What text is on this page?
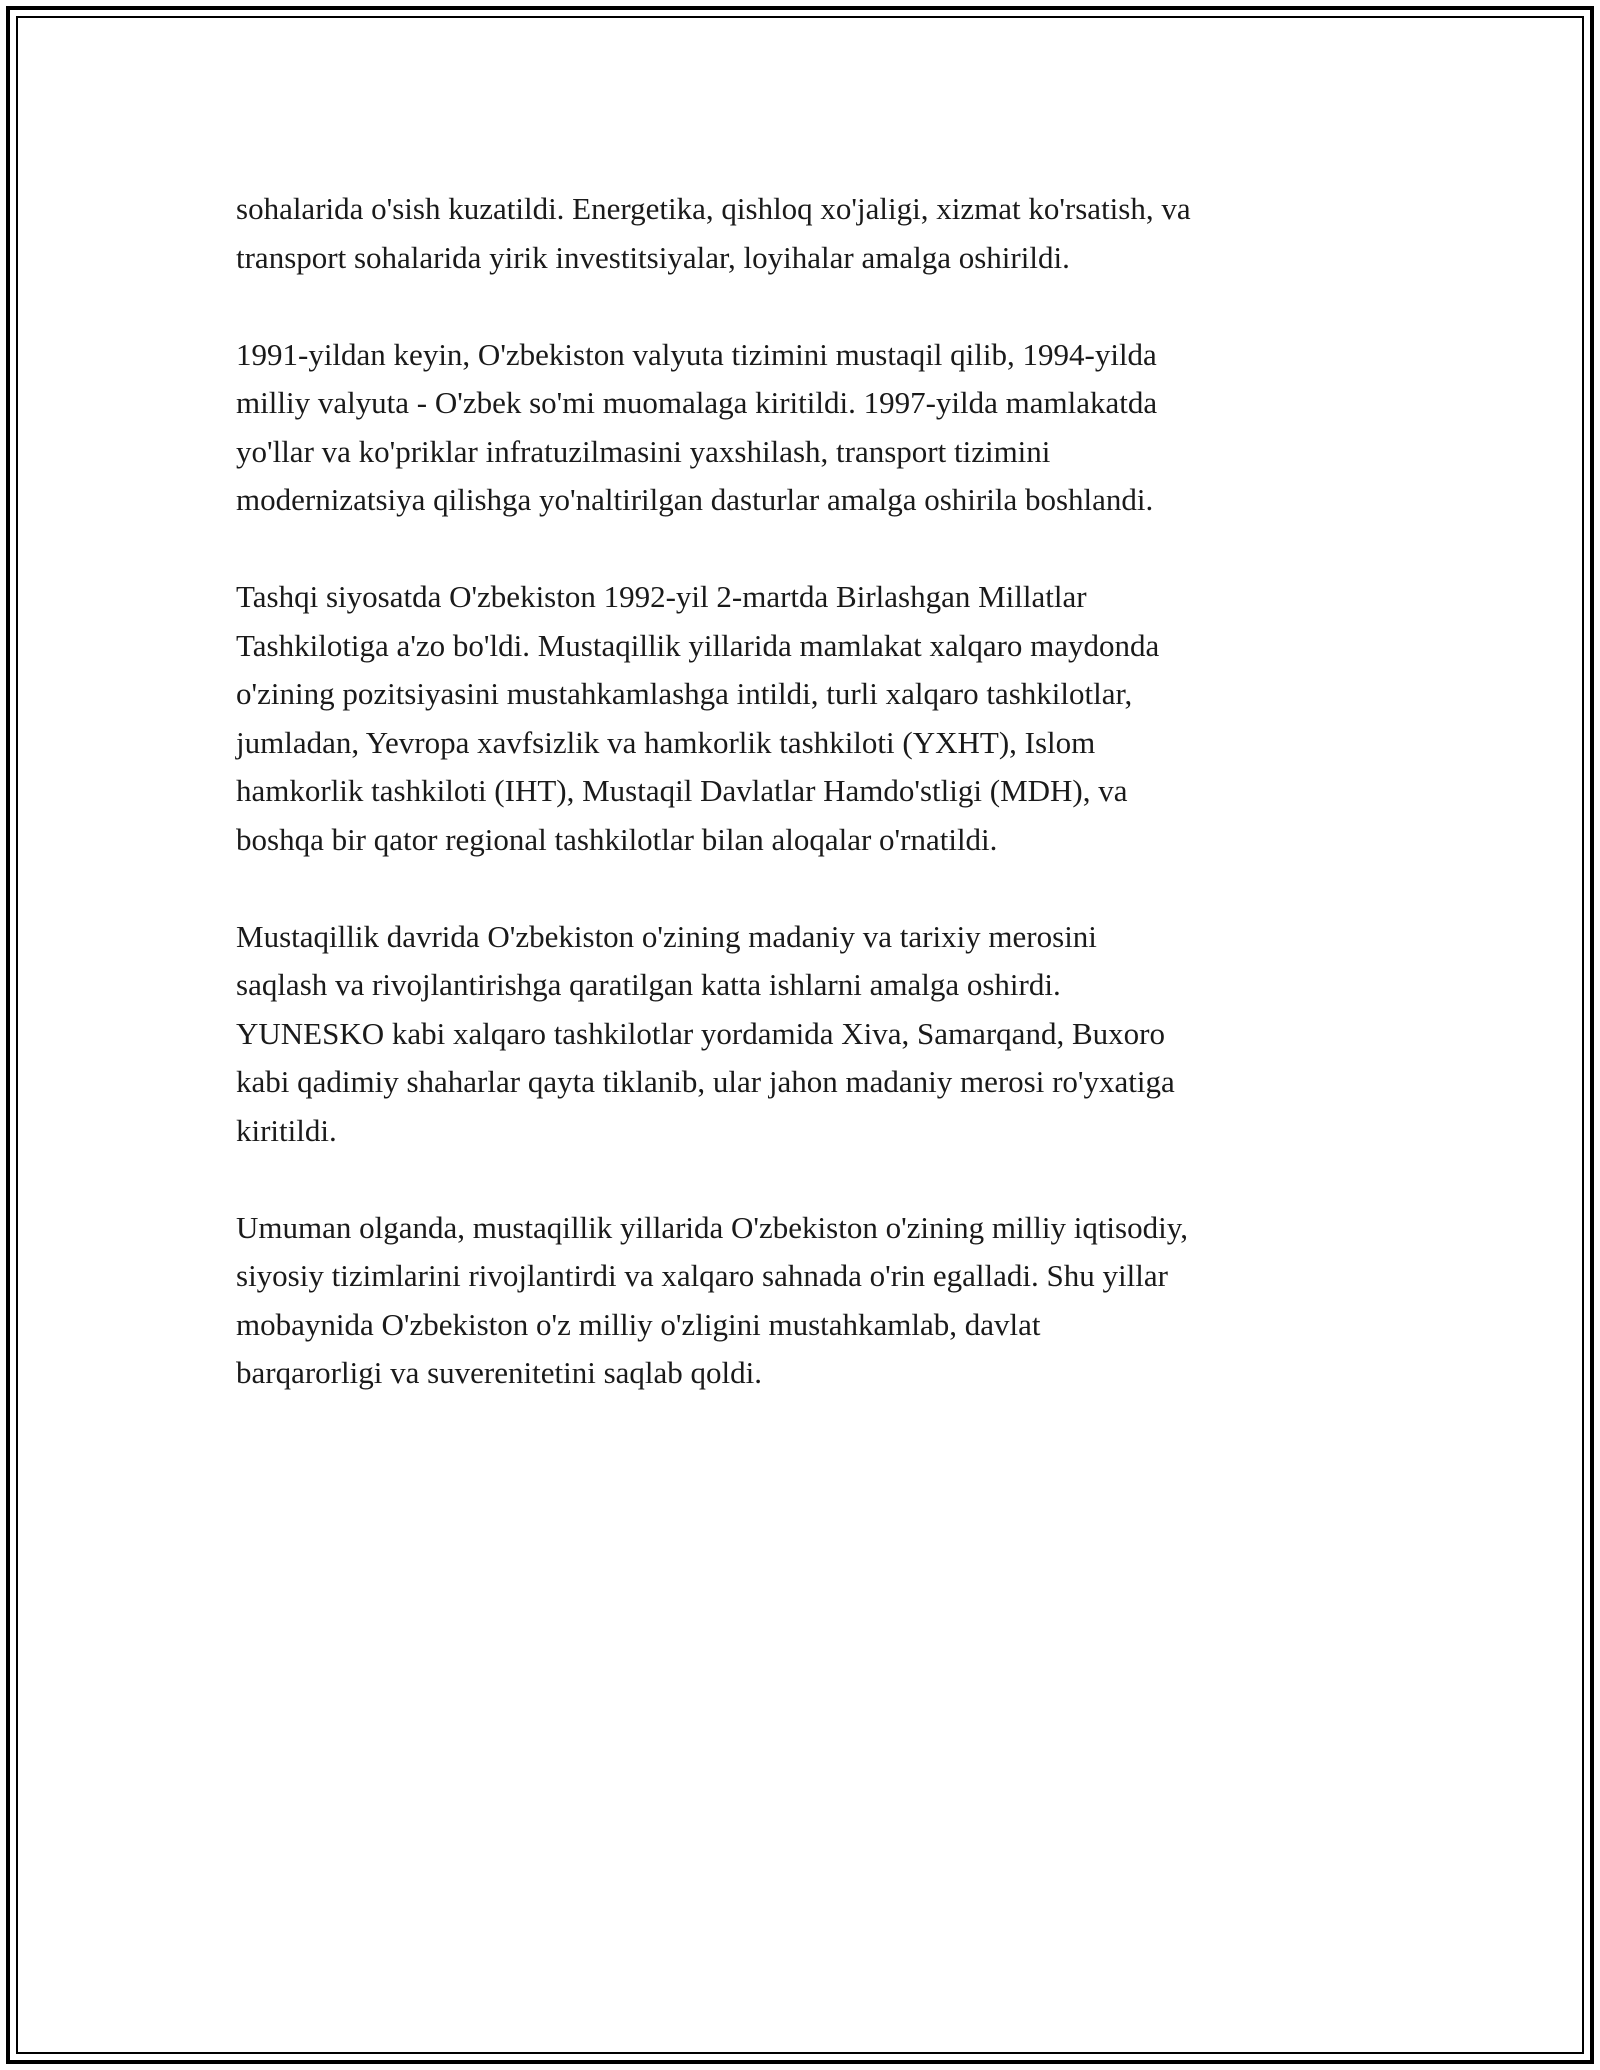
sohalarida o'sish kuzatildi. Energetika, qishloq xo'jaligi, xizmat ko'rsatish, va
transport sohalarida yirik investitsiyalar, loyihalar amalga oshirildi.

1991-yildan keyin, O'zbekiston valyuta tizimini mustaqil qilib, 1994-yilda
milliy valyuta - O'zbek so'mi muomalaga kiritildi. 1997-yilda mamlakatda
yo'llar va ko'priklar infratuzilmasini yaxshilash, transport tizimini
modernizatsiya qilishga yo'naltirilgan dasturlar amalga oshirila boshlandi.

Tashqi siyosatda O'zbekiston 1992-yil 2-martda Birlashgan Millatlar
Tashkilotiga a'zo bo'ldi. Mustaqillik yillarida mamlakat xalqaro maydonda
o'zining pozitsiyasini mustahkamlashga intildi, turli xalqaro tashkilotlar,
jumladan, Yevropa xavfsizlik va hamkorlik tashkiloti (YXHT), Islom
hamkorlik tashkiloti (IHT), Mustaqil Davlatlar Hamdo'stligi (MDH), va
boshqa bir qator regional tashkilotlar bilan aloqalar o'rnatildi.

Mustaqillik davrida O'zbekiston o'zining madaniy va tarixiy merosini
saqlash va rivojlantirishga qaratilgan katta ishlarni amalga oshirdi.
YUNESKO kabi xalqaro tashkilotlar yordamida Xiva, Samarqand, Buxoro
kabi qadimiy shaharlar qayta tiklanib, ular jahon madaniy merosi ro'yxatiga
kiritildi.

Umuman olganda, mustaqillik yillarida O'zbekiston o'zining milliy iqtisodiy,
siyosiy tizimlarini rivojlantirdi va xalqaro sahnada o'rin egalladi. Shu yillar
mobaynida O'zbekiston o'z milliy o'zligini mustahkamlab, davlat
barqarorligi va suverenitetini saqlab qoldi.
